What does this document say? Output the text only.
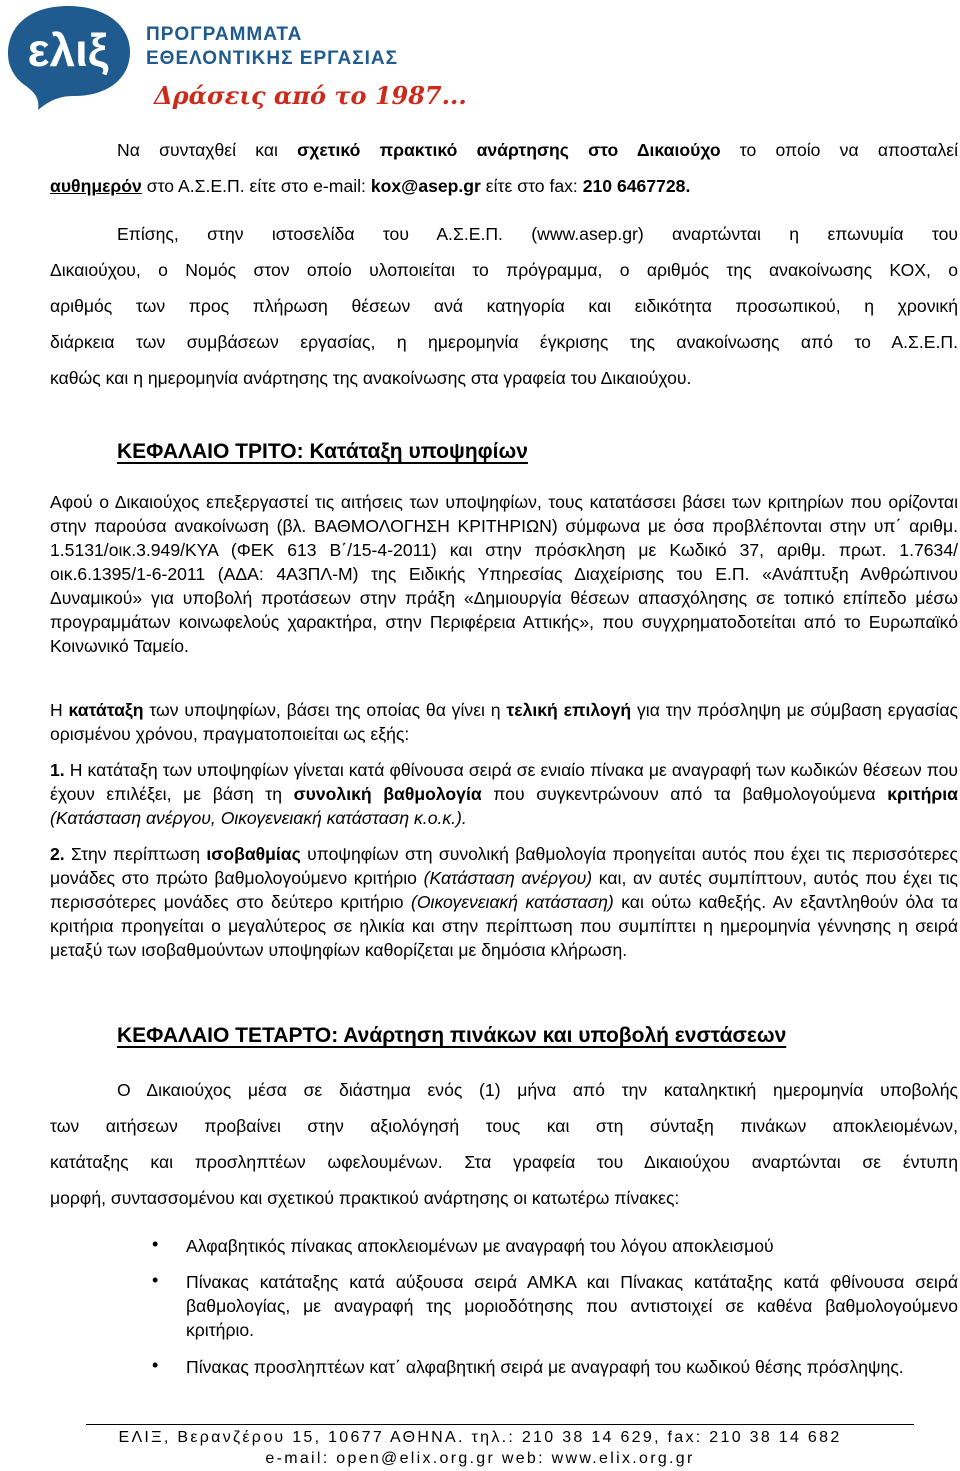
ελιξ ΠΡΟΓΡΑΜΜΑΤΑ
ΕΘΕΛΟΝΤΙΚΗΣ ΕΡΓΑΣΙΑΣ
Δράσεις από το 1987...
Να συνταχθεί και σχετικό πρακτικό ανάρτησης στο Δικαιούχο το οποίο να αποσταλεί
αυθημερόν στο Α.Σ.Ε.Π. είτε στο e-mail: kox@asep.gr είτε στο fax: 210 6467728.
Επίσης, στην ιστοσελίδα του Α.Σ.Ε.Π. (www.asep.gr) αναρτώνται η επωνυμία του
Δικαιούχου, ο Νομός στον οποίο υλοποιείται το πρόγραμμα, ο αριθμός της ανακοίνωσης ΚΟΧ, ο
αριθμός των προς πλήρωση θέσεων ανά κατηγορία και ειδικότητα προσωπικού, η χρονική
διάρκεια των συμβάσεων εργασίας, η ημερομηνία έγκρισης της ανακοίνωσης από το Α.Σ.Ε.Π.
καθώς και η ημερομηνία ανάρτησης της ανακοίνωσης στα γραφεία του Δικαιούχου.
ΚΕΦΑΛΑΙΟ ΤΡΙΤΟ: Κατάταξη υποψηφίων
Αφού ο Δικαιούχος επεξεργαστεί τις αιτήσεις των υποψηφίων, τους κατατάσσει βάσει των κριτηρίων που ορίζονται στην παρούσα ανακοίνωση (βλ. ΒΑΘΜΟΛΟΓΗΣΗ ΚΡΙΤΗΡΙΩΝ) σύμφωνα με όσα προβλέπονται στην υπ΄ αριθμ. 1.5131/οικ.3.949/ΚΥΑ (ΦΕΚ 613 Β΄/15-4-2011) και στην πρόσκληση με Κωδικό 37, αριθμ. πρωτ. 1.7634/οικ.6.1395/1-6-2011 (ΑΔΑ: 4Α3ΠΛ-Μ) της Ειδικής Υπηρεσίας Διαχείρισης του Ε.Π. «Ανάπτυξη Ανθρώπινου Δυναμικού» για υποβολή προτάσεων στην πράξη «Δημιουργία θέσεων απασχόλησης σε τοπικό επίπεδο μέσω προγραμμάτων κοινωφελούς χαρακτήρα, στην Περιφέρεια Αττικής», που συγχρηματοδοτείται από το Ευρωπαϊκό Κοινωνικό Ταμείο.
Η κατάταξη των υποψηφίων, βάσει της οποίας θα γίνει η τελική επιλογή για την πρόσληψη με σύμβαση εργασίας ορισμένου χρόνου, πραγματοποιείται ως εξής:
1. Η κατάταξη των υποψηφίων γίνεται κατά φθίνουσα σειρά σε ενιαίο πίνακα με αναγραφή των κωδικών θέσεων που έχουν επιλέξει, με βάση τη συνολική βαθμολογία που συγκεντρώνουν από τα βαθμολογούμενα κριτήρια (Κατάσταση ανέργου, Οικογενειακή κατάσταση κ.ο.κ.).
2. Στην περίπτωση ισοβαθμίας υποψηφίων στη συνολική βαθμολογία προηγείται αυτός που έχει τις περισσότερες μονάδες στο πρώτο βαθμολογούμενο κριτήριο (Κατάσταση ανέργου) και, αν αυτές συμπίπτουν, αυτός που έχει τις περισσότερες μονάδες στο δεύτερο κριτήριο (Οικογενειακή κατάσταση) και ούτω καθεξής. Αν εξαντληθούν όλα τα κριτήρια προηγείται ο μεγαλύτερος σε ηλικία και στην περίπτωση που συμπίπτει η ημερομηνία γέννησης η σειρά μεταξύ των ισοβαθμούντων υποψηφίων καθορίζεται με δημόσια κλήρωση.
ΚΕΦΑΛΑΙΟ ΤΕΤΑΡΤΟ: Ανάρτηση πινάκων και υποβολή ενστάσεων
Ο Δικαιούχος μέσα σε διάστημα ενός (1) μήνα από την καταληκτική ημερομηνία υποβολής
των αιτήσεων προβαίνει στην αξιολόγησή τους και στη σύνταξη πινάκων αποκλειομένων,
κατάταξης και προσληπτέων ωφελουμένων. Στα γραφεία του Δικαιούχου αναρτώνται σε έντυπη
μορφή, συντασσομένου και σχετικού πρακτικού ανάρτησης οι κατωτέρω πίνακες:
• Αλφαβητικός πίνακας αποκλειομένων με αναγραφή του λόγου αποκλεισμού
• Πίνακας κατάταξης κατά αύξουσα σειρά ΑΜΚΑ και Πίνακας κατάταξης κατά φθίνουσα σειρά βαθμολογίας, με αναγραφή της μοριοδότησης που αντιστοιχεί σε καθένα βαθμολογούμενο κριτήριο.
• Πίνακας προσληπτέων κατ΄ αλφαβητική σειρά με αναγραφή του κωδικού θέσης πρόσληψης.
ΕΛΙΞ, Βερανζέρου 15, 10677 ΑΘΗΝΑ. τηλ.: 210 38 14 629, fax: 210 38 14 682
e-mail: open@elix.org.gr web: www.elix.org.gr
